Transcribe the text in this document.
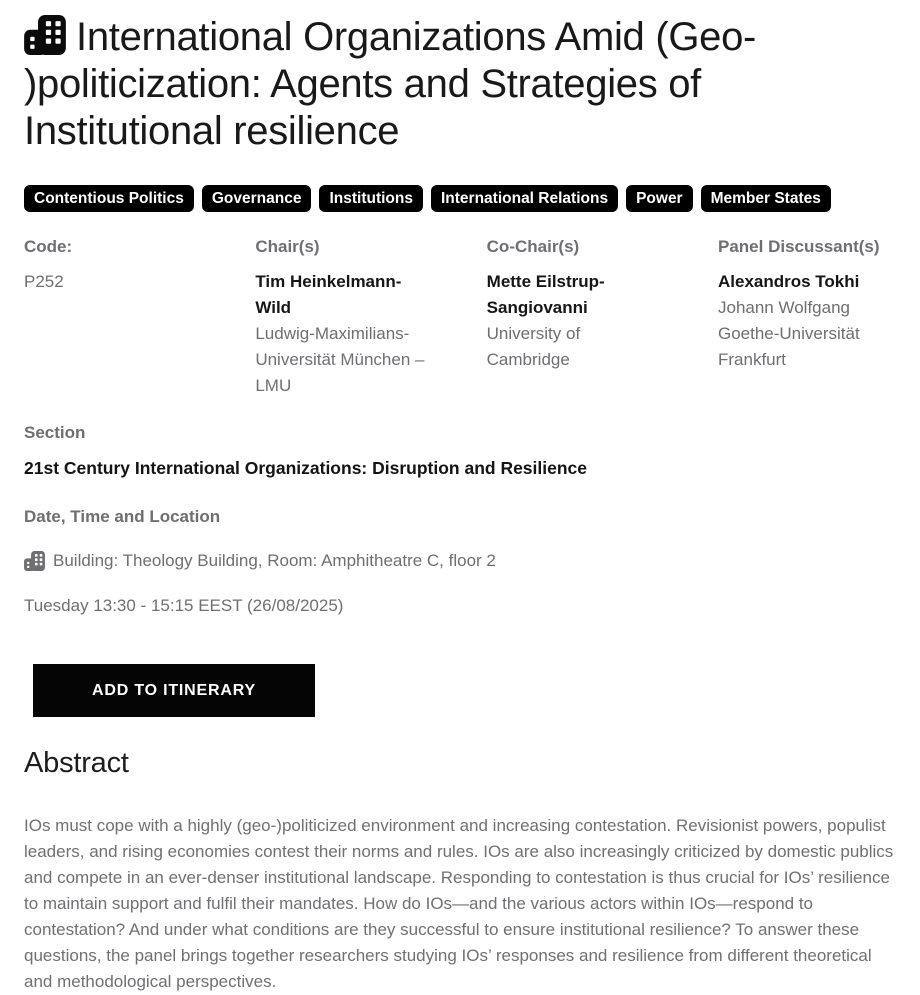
International Organizations Amid (Geo-​)politicization: Agents and Strategies of Institutional resilience
Contentious Politics	Governance	Institutions	International Relations	Power	Member States
Code:
P252
Chair(s)
Tim Heinkelmann-Wild
Ludwig-Maximilians-Universität München – LMU
Co-Chair(s)
Mette Eilstrup-Sangiovanni
University of Cambridge
Panel Discussant(s)
Alexandros Tokhi
Johann Wolfgang Goethe-Universität Frankfurt
Section
21st Century International Organizations: Disruption and Resilience
Date, Time and Location
Building: Theology Building, Room: Amphitheatre C, floor 2
Tuesday 13:30 - 15:15 EEST (26/08/2025)
ADD TO ITINERARY
Abstract

IOs must cope with a highly (geo-)politicized environment and increasing contestation. Revisionist powers, populist leaders, and rising economies contest their norms and rules. IOs are also increasingly criticized by domestic publics and compete in an ever-denser institutional landscape. Responding to contestation is thus crucial for IOs’ resilience to maintain support and fulfil their mandates. How do IOs—and the various actors within IOs—respond to contestation? And under what conditions are they successful to ensure institutional resilience? To answer these questions, the panel brings together researchers studying IOs’ responses and resilience from different theoretical and methodological perspectives.
